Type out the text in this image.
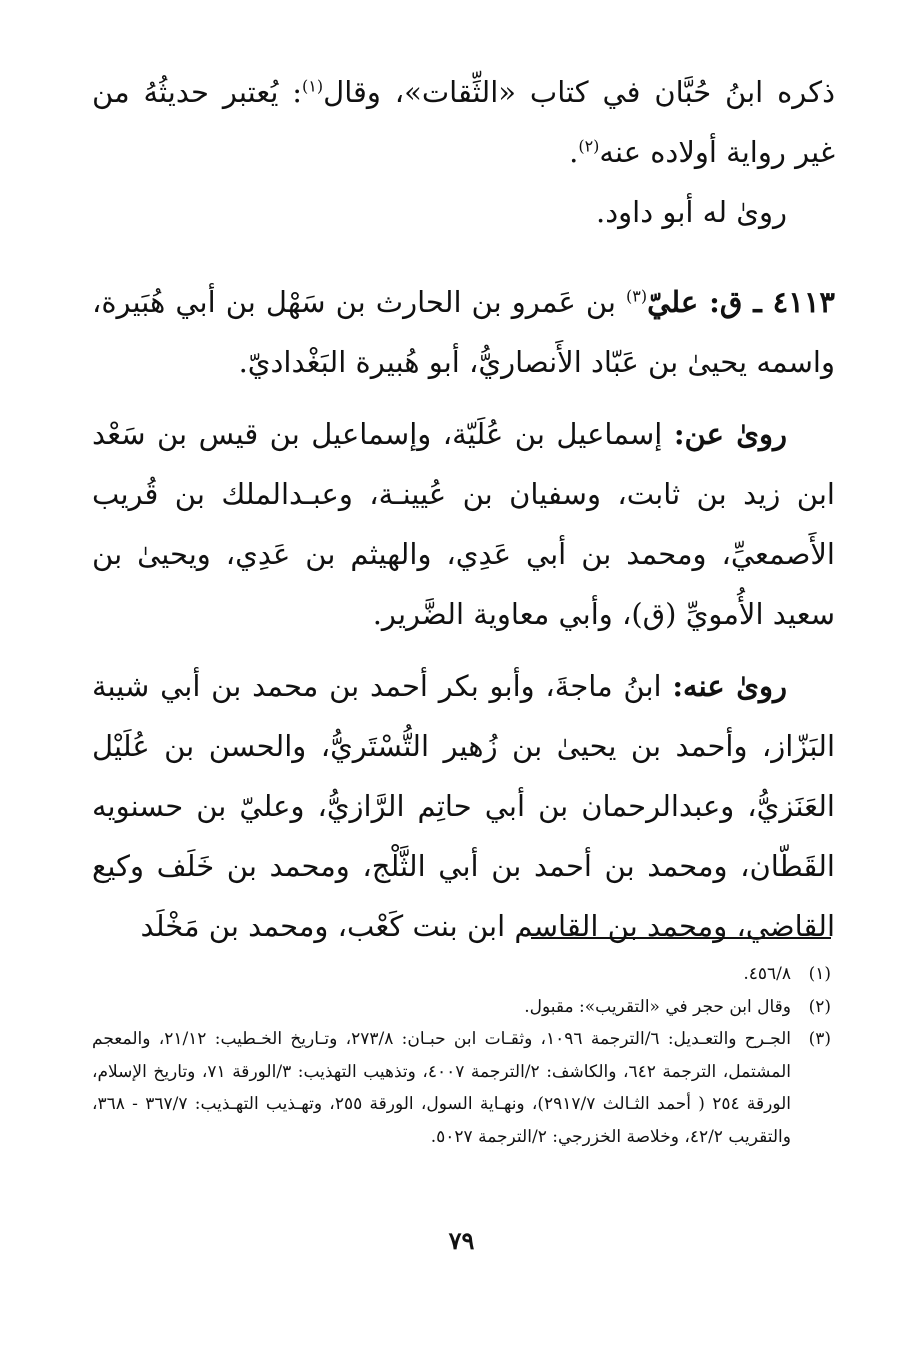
ذكره ابنُ حُبَّان في كتاب «الثِّقات»، وقال$^{(١)}$: يُعتبر حديثُهُ من غير رواية أولاده عنه$^{(٢)}$.

روىٰ له أبو داود.

٤١١٣ ـ ق: عليّ$^{(٣)}$ بن عَمرو بن الحارث بن سَهْل بن أبي هُبَيرة، واسمه يحيىٰ بن عَبّاد الأَنصاريُّ، أبو هُبيرة البَغْداديّ.

روىٰ عن: إسماعيل بن عُلَيّة، وإسماعيل بن قيس بن سَعْد ابن زيد بن ثابت، وسفيان بن عُيينـة، وعبـدالملك بن قُريب الأَصمعيِّ، ومحمد بن أبي عَدِي، والهيثم بن عَدِي، ويحيىٰ بن سعيد الأُمويِّ (ق)، وأبي معاوية الضَّرير.

روىٰ عنه: ابنُ ماجةَ، وأبو بكر أحمد بن محمد بن أبي شيبة البَزّاز، وأحمد بن يحيىٰ بن زُهير التُّسْتَريُّ، والحسن بن عُلَيْل العَنَزيُّ، وعبدالرحمان بن أبي حاتِم الرَّازيُّ، وعليّ بن حسنويه القَطّان، ومحمد بن أحمد بن أبي الثَّلْج، ومحمد بن خَلَف وكيع القاضي، ومحمد بن القاسم ابن بنت كَعْب، ومحمد بن مَخْلَد

(١)
٤٥٦/٨.
(٢)
وقال ابن حجر في «التقريب»: مقبول.
(٣)
الجـرح والتعـديل: ٦/الترجمة ١٠٩٦، وثقـات ابن حبـان: ٢٧٣/٨، وتـاريخ الخـطيب: ٢١/١٢، والمعجم المشتمل، الترجمة ٦٤٢، والكاشف: ٢/الترجمة ٤٠٠٧، وتذهيب التهذيب: ٣/الورقة ٧١، وتاريخ الإسلام، الورقة ٢٥٤ ( أحمد الثـالث ٢٩١٧/٧)، ونهـاية السول، الورقة ٢٥٥، وتهـذيب التهـذيب: ٣٦٧/٧ - ٣٦٨، والتقريب ٤٢/٢، وخلاصة الخزرجي: ٢/الترجمة ٥٠٢٧.
٧٩
